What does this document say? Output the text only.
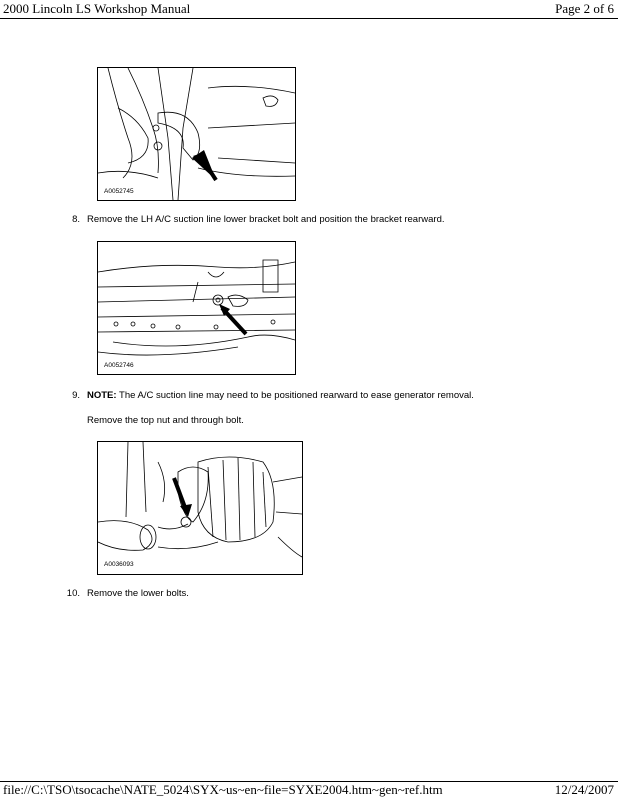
2000 Lincoln LS Workshop Manual	Page 2 of 6
A0052745
8. Remove the LH A/C suction line lower bracket bolt and position the bracket rearward.
A0052746
9. NOTE: The A/C suction line may need to be positioned rearward to ease generator removal.
Remove the top nut and through bolt.
A0036093
10. Remove the lower bolts.
file://C:\TSO\tsocache\NATE_5024\SYX~us~en~file=SYXE2004.htm~gen~ref.htm	12/24/2007
